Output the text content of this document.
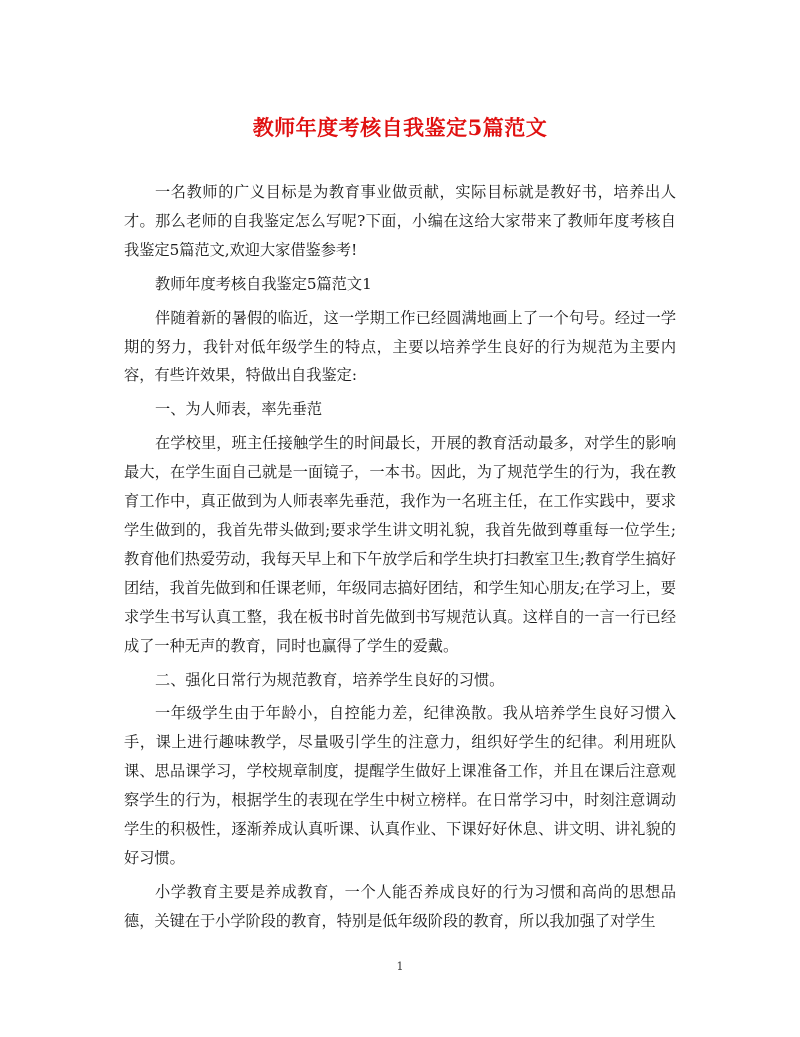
教师年度考核自我鉴定5篇范文

一名教师的广义目标是为教育事业做贡献，实际目标就是教好书，培养出人才。那么老师的自我鉴定怎么写呢?下面，小编在这给大家带来了教师年度考核自我鉴定5篇范文,欢迎大家借鉴参考!

教师年度考核自我鉴定5篇范文1

伴随着新的暑假的临近，这一学期工作已经圆满地画上了一个句号。经过一学期的努力，我针对低年级学生的特点，主要以培养学生良好的行为规范为主要内容，有些许效果，特做出自我鉴定:

一、为人师表，率先垂范

在学校里，班主任接触学生的时间最长，开展的教育活动最多，对学生的影响最大，在学生面自己就是一面镜子，一本书。因此，为了规范学生的行为，我在教育工作中，真正做到为人师表率先垂范，我作为一名班主任，在工作实践中，要求学生做到的，我首先带头做到;要求学生讲文明礼貌，我首先做到尊重每一位学生;教育他们热爱劳动，我每天早上和下午放学后和学生块打扫教室卫生;教育学生搞好团结，我首先做到和任课老师，年级同志搞好团结，和学生知心朋友;在学习上，要求学生书写认真工整，我在板书时首先做到书写规范认真。这样自的一言一行已经成了一种无声的教育，同时也赢得了学生的爱戴。

二、强化日常行为规范教育，培养学生良好的习惯。

一年级学生由于年龄小，自控能力差，纪律涣散。我从培养学生良好习惯入手，课上进行趣味教学，尽量吸引学生的注意力，组织好学生的纪律。利用班队课、思品课学习，学校规章制度，提醒学生做好上课准备工作，并且在课后注意观察学生的行为，根据学生的表现在学生中树立榜样。在日常学习中，时刻注意调动学生的积极性，逐渐养成认真听课、认真作业、下课好好休息、讲文明、讲礼貌的好习惯。

小学教育主要是养成教育，一个人能否养成良好的行为习惯和高尚的思想品德，关键在于小学阶段的教育，特别是低年级阶段的教育，所以我加强了对学生

1
